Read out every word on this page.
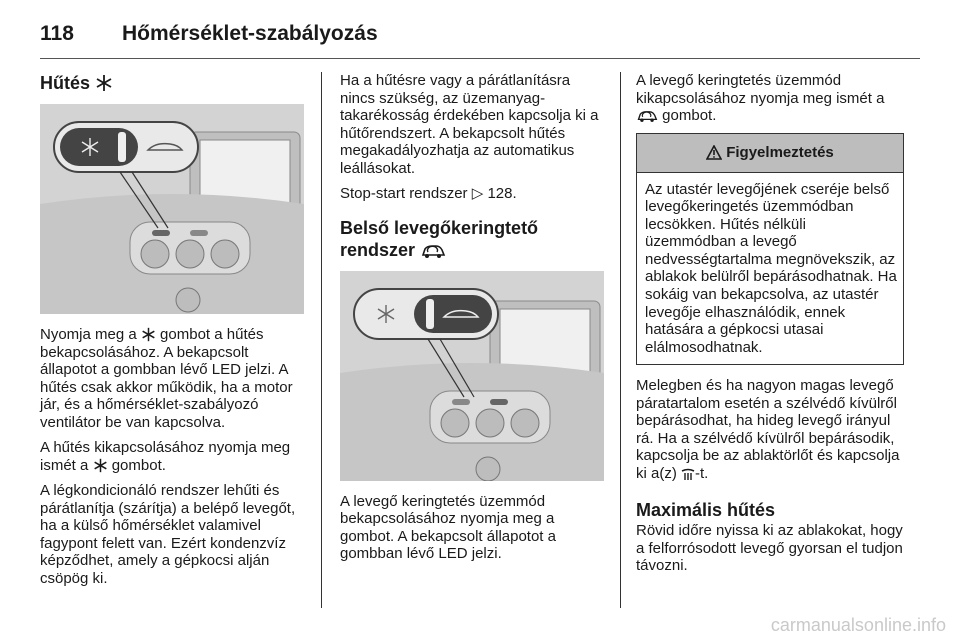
118 Hőmérséklet-szabályozás
Hűtés

Nyomja meg a gombot a hűtés bekapcsolásához. A bekapcsolt állapotot a gombban lévő LED jelzi. A hűtés csak akkor működik, ha a motor jár, és a hőmérséklet-szabályozó ventilátor be van kapcsolva.

A hűtés kikapcsolásához nyomja meg ismét a gombot.

A légkondicionáló rendszer lehűti és párátlanítja (szárítja) a belépő levegőt, ha a külső hőmérséklet valamivel fagypont felett van. Ezért kondenzvíz képződhet, amely a gépkocsi alján csöpög ki.

Ha a hűtésre vagy a párátlanításra nincs szükség, az üzemanyag-takarékosság érdekében kapcsolja ki a hűtőrendszert. A bekapcsolt hűtés megakadályozhatja az automatikus leállásokat.

Stop-start rendszer ▷ 128.

Belső levegőkeringtető
rendszer

A levegő keringtetés üzemmód bekapcsolásához nyomja meg a gombot. A bekapcsolt állapotot a gombban lévő LED jelzi.

A levegő keringtetés üzemmód kikapcsolásához nyomja meg ismét a  gombot.

Figyelmeztetés
Az utastér levegőjének cseréje belső levegőkeringetés üzemmódban lecsökken. Hűtés nélküli üzemmódban a levegő nedvességtartalma megnövekszik, az ablakok belülről bepárásodhatnak. Ha sokáig van bekapcsolva, az utastér levegője elhasználódik, ennek hatására a gépkocsi utasai elálmosodhatnak.

Melegben és ha nagyon magas levegő páratartalom esetén a szélvédő kívülről bepárásodhat, ha hideg levegő irányul rá. Ha a szélvédő kívülről bepárásodik, kapcsolja be az ablaktörlőt és kapcsolja ki a(z) -t.

Maximális hűtés

Rövid időre nyissa ki az ablakokat, hogy a felforrósodott levegő gyorsan el tudjon távozni.

carmanualsonline.info
